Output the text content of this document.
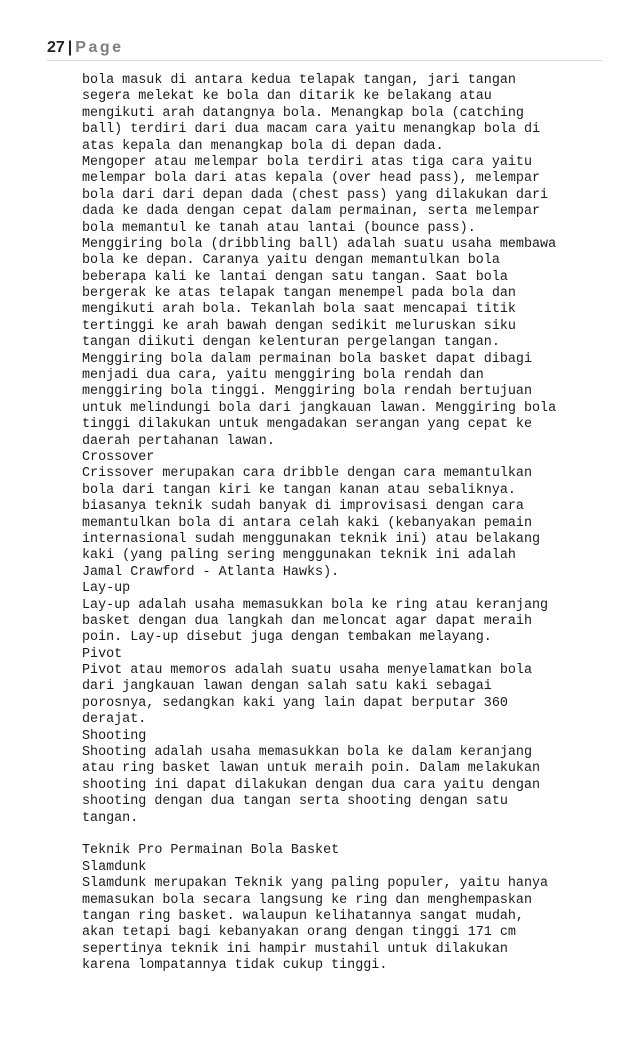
27 | Page
bola masuk di antara kedua telapak tangan, jari tangan
segera melekat ke bola dan ditarik ke belakang atau
mengikuti arah datangnya bola. Menangkap bola (catching
ball) terdiri dari dua macam cara yaitu menangkap bola di
atas kepala dan menangkap bola di depan dada.
Mengoper atau melempar bola terdiri atas tiga cara yaitu
melempar bola dari atas kepala (over head pass), melempar
bola dari dari depan dada (chest pass) yang dilakukan dari
dada ke dada dengan cepat dalam permainan, serta melempar
bola memantul ke tanah atau lantai (bounce pass).
Menggiring bola (dribbling ball) adalah suatu usaha membawa
bola ke depan. Caranya yaitu dengan memantulkan bola
beberapa kali ke lantai dengan satu tangan. Saat bola
bergerak ke atas telapak tangan menempel pada bola dan
mengikuti arah bola. Tekanlah bola saat mencapai titik
tertinggi ke arah bawah dengan sedikit meluruskan siku
tangan diikuti dengan kelenturan pergelangan tangan.
Menggiring bola dalam permainan bola basket dapat dibagi
menjadi dua cara, yaitu menggiring bola rendah dan
menggiring bola tinggi. Menggiring bola rendah bertujuan
untuk melindungi bola dari jangkauan lawan. Menggiring bola
tinggi dilakukan untuk mengadakan serangan yang cepat ke
daerah pertahanan lawan.
Crossover
Crissover merupakan cara dribble dengan cara memantulkan
bola dari tangan kiri ke tangan kanan atau sebaliknya.
biasanya teknik sudah banyak di improvisasi dengan cara
memantulkan bola di antara celah kaki (kebanyakan pemain
internasional sudah menggunakan teknik ini) atau belakang
kaki (yang paling sering menggunakan teknik ini adalah
Jamal Crawford - Atlanta Hawks).
Lay-up
Lay-up adalah usaha memasukkan bola ke ring atau keranjang
basket dengan dua langkah dan meloncat agar dapat meraih
poin. Lay-up disebut juga dengan tembakan melayang.
Pivot
Pivot atau memoros adalah suatu usaha menyelamatkan bola
dari jangkauan lawan dengan salah satu kaki sebagai
porosnya, sedangkan kaki yang lain dapat berputar 360
derajat.
Shooting
Shooting adalah usaha memasukkan bola ke dalam keranjang
atau ring basket lawan untuk meraih poin. Dalam melakukan
shooting ini dapat dilakukan dengan dua cara yaitu dengan
shooting dengan dua tangan serta shooting dengan satu
tangan.
Teknik Pro Permainan Bola Basket
Slamdunk
Slamdunk merupakan Teknik yang paling populer, yaitu hanya
memasukan bola secara langsung ke ring dan menghempaskan
tangan ring basket. walaupun kelihatannya sangat mudah,
akan tetapi bagi kebanyakan orang dengan tinggi 171 cm
sepertinya teknik ini hampir mustahil untuk dilakukan
karena lompatannya tidak cukup tinggi.
